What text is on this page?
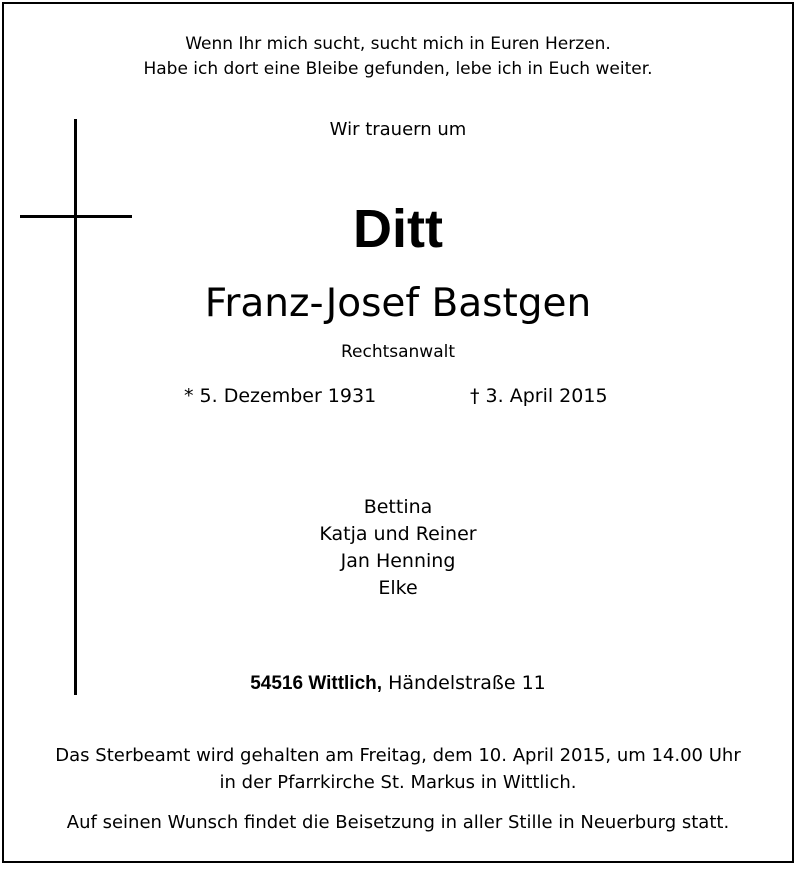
Wenn Ihr mich sucht, sucht mich in Euren Herzen.
Habe ich dort eine Bleibe gefunden, lebe ich in Euch weiter.
Wir trauern um
Ditt
Franz-Josef Bastgen
Rechtsanwalt
* 5. Dezember 1931	† 3. April 2015
Bettina
Katja und Reiner
Jan Henning
Elke
54516 Wittlich, Händelstraße 11
Das Sterbeamt wird gehalten am Freitag, dem 10. April 2015, um 14.00 Uhr
in der Pfarrkirche St. Markus in Wittlich.
Auf seinen Wunsch findet die Beisetzung in aller Stille in Neuerburg statt.
